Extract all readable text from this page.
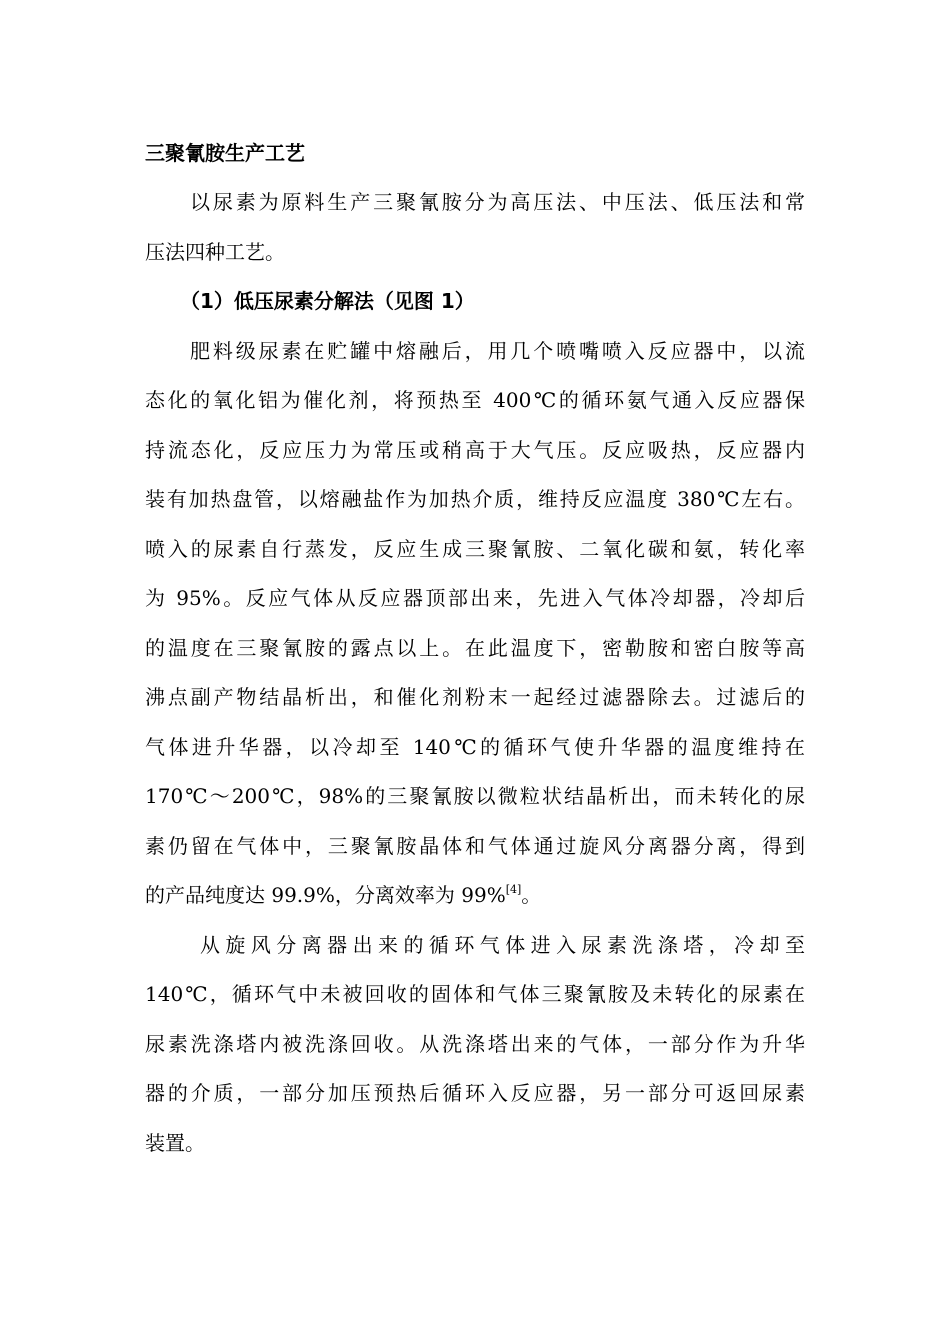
三聚氰胺生产工艺
以尿素为原料生产三聚氰胺分为高压法、中压法、低压法和常
压法四种工艺。
（1）低压尿素分解法（见图 1）
肥料级尿素在贮罐中熔融后，用几个喷嘴喷入反应器中，以流
态化的氧化铝为催化剂，将预热至 400℃的循环氨气通入反应器保
持流态化，反应压力为常压或稍高于大气压。反应吸热，反应器内
装有加热盘管，以熔融盐作为加热介质，维持反应温度 380℃左右。
喷入的尿素自行蒸发，反应生成三聚氰胺、二氧化碳和氨，转化率
为 95%。反应气体从反应器顶部出来，先进入气体冷却器，冷却后
的温度在三聚氰胺的露点以上。在此温度下，密勒胺和密白胺等高
沸点副产物结晶析出，和催化剂粉末一起经过滤器除去。过滤后的
气体进升华器，以冷却至 140℃的循环气使升华器的温度维持在
170℃～200℃，98%的三聚氰胺以微粒状结晶析出，而未转化的尿
素仍留在气体中，三聚氰胺晶体和气体通过旋风分离器分离，得到
的产品纯度达 99.9%，分离效率为 99%[4]。
从旋风分离器出来的循环气体进入尿素洗涤塔，冷却至
140℃，循环气中未被回收的固体和气体三聚氰胺及未转化的尿素在
尿素洗涤塔内被洗涤回收。从洗涤塔出来的气体，一部分作为升华
器的介质，一部分加压预热后循环入反应器，另一部分可返回尿素
装置。
